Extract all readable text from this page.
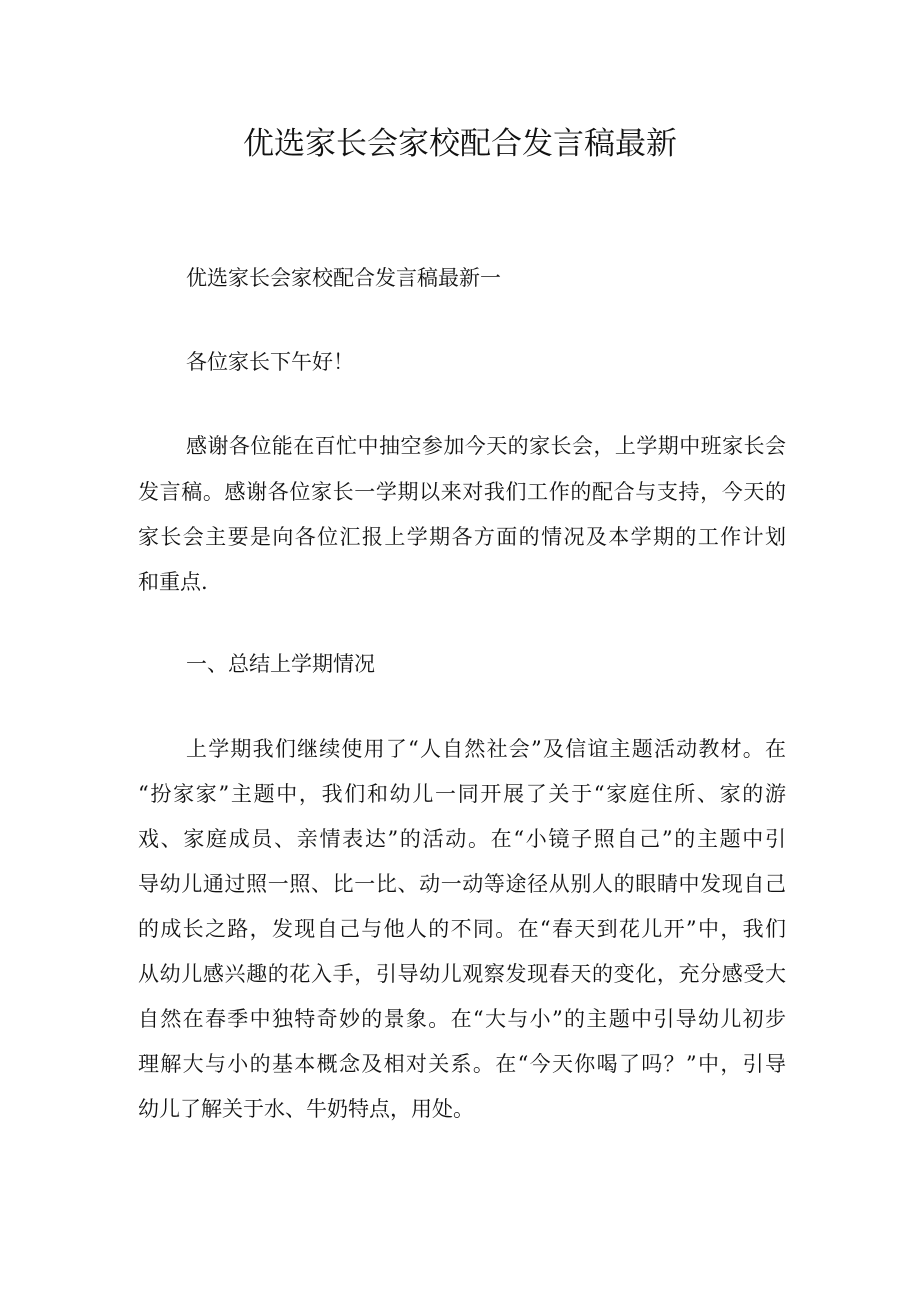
优选家长会家校配合发言稿最新

优选家长会家校配合发言稿最新一

各位家长下午好！

感谢各位能在百忙中抽空参加今天的家长会，上学期中班家长会

发言稿。感谢各位家长一学期以来对我们工作的配合与支持，今天的

家长会主要是向各位汇报上学期各方面的情况及本学期的工作计划

和重点.

一、总结上学期情况

上学期我们继续使用了“人自然社会”及信谊主题活动教材。在

“扮家家”主题中，我们和幼儿一同开展了关于“家庭住所、家的游

戏、家庭成员、亲情表达”的活动。在“小镜子照自己”的主题中引

导幼儿通过照一照、比一比、动一动等途径从别人的眼睛中发现自己

的成长之路，发现自己与他人的不同。在“春天到花儿开”中，我们

从幼儿感兴趣的花入手，引导幼儿观察发现春天的变化，充分感受大

自然在春季中独特奇妙的景象。在“大与小”的主题中引导幼儿初步

理解大与小的基本概念及相对关系。在“今天你喝了吗？”中，引导

幼儿了解关于水、牛奶特点，用处。
